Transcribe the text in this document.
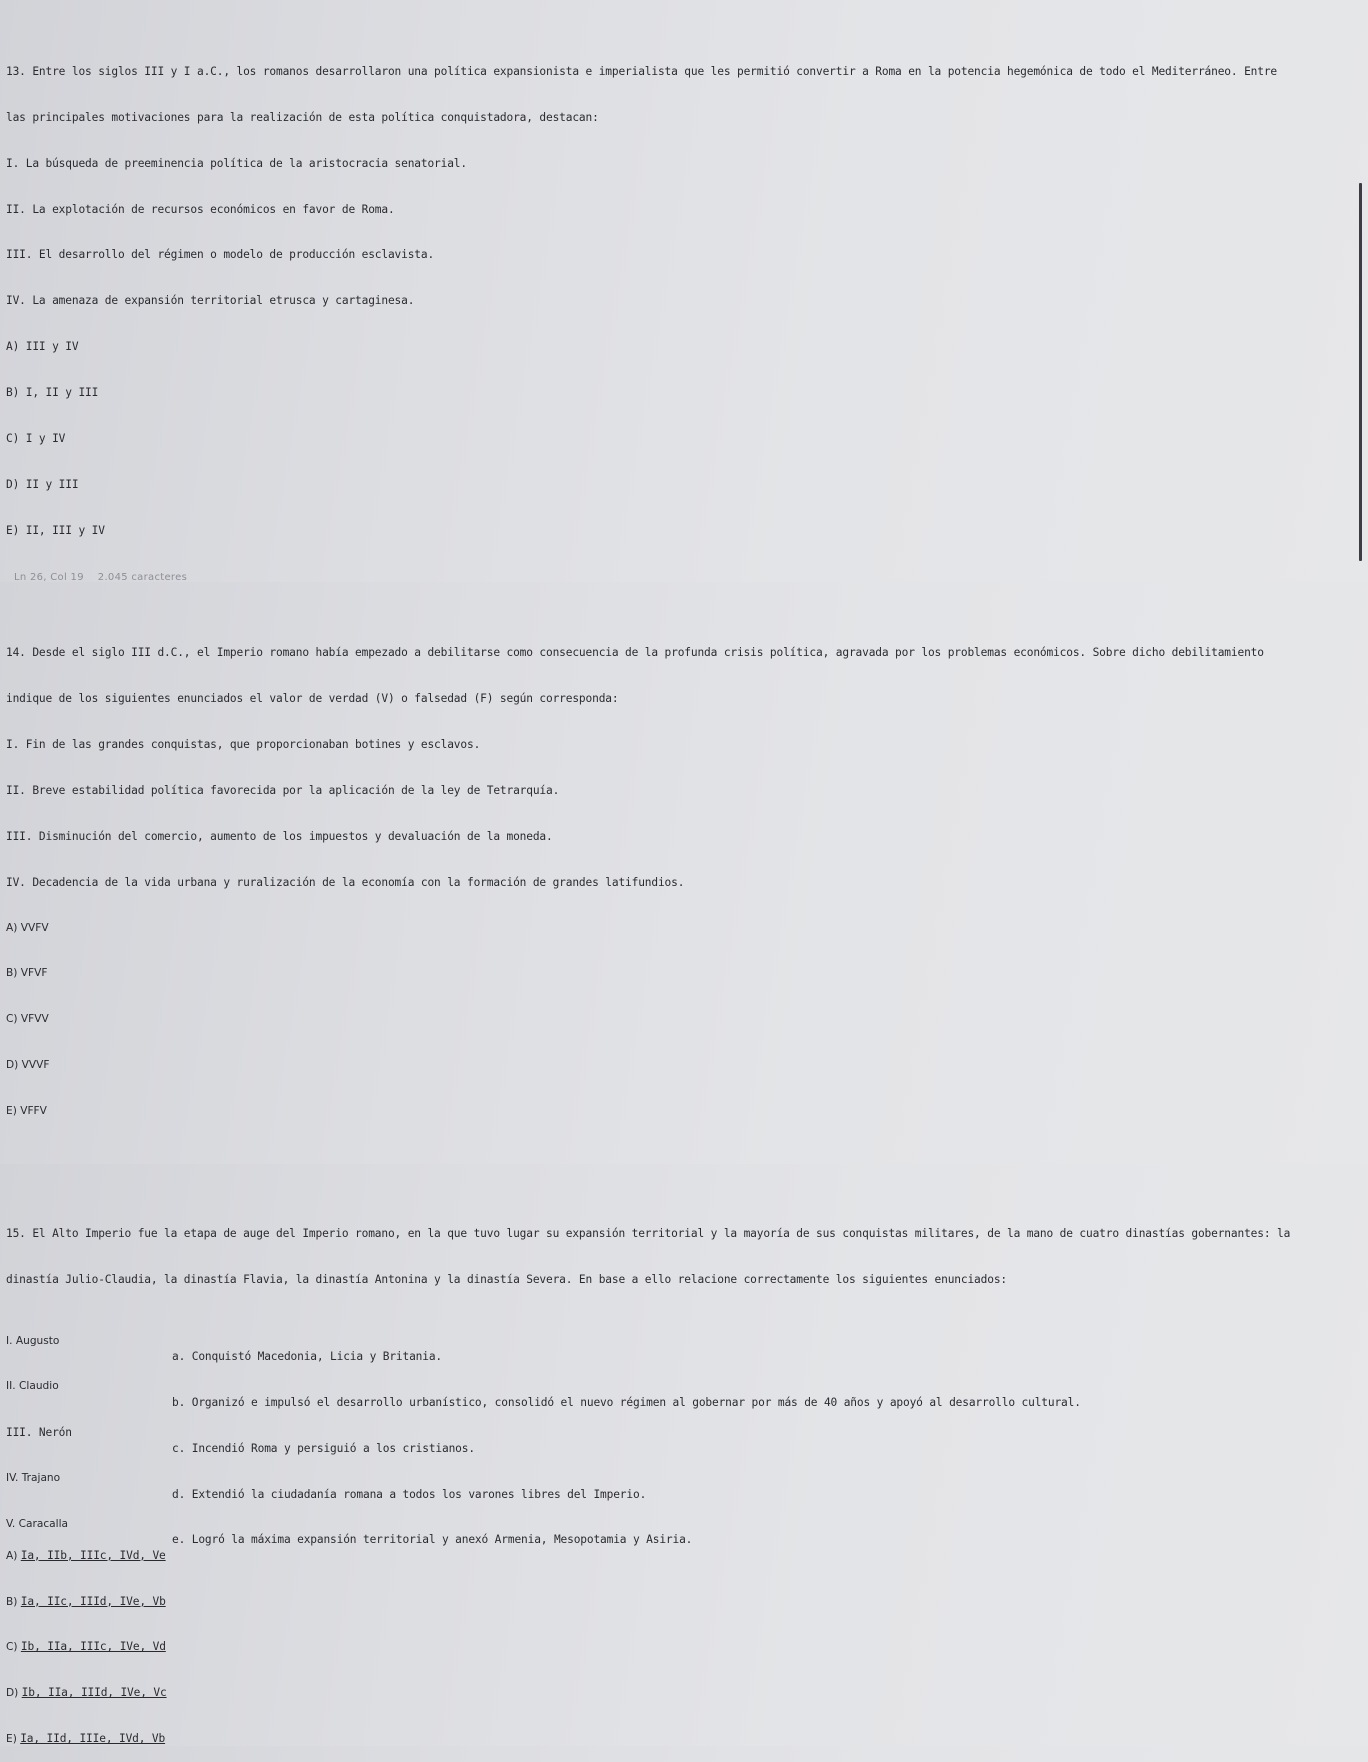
13. Entre los siglos III y I a.C., los romanos desarrollaron una política expansionista e imperialista que les permitió convertir a Roma en la potencia hegemónica de todo el Mediterráneo. Entre

las principales motivaciones para la realización de esta política conquistadora, destacan:

I. La búsqueda de preeminencia política de la aristocracia senatorial.

II. La explotación de recursos económicos en favor de Roma.

III. El desarrollo del régimen o modelo de producción esclavista.

IV. La amenaza de expansión territorial etrusca y cartaginesa.

A) III y IV

B) I, II y III

C) I y IV

D) II y III

E) II, III y IV

14. Desde el siglo III d.C., el Imperio romano había empezado a debilitarse como consecuencia de la profunda crisis política, agravada por los problemas económicos. Sobre dicho debilitamiento

indique de los siguientes enunciados el valor de verdad (V) o falsedad (F) según corresponda:

I. Fin de las grandes conquistas, que proporcionaban botines y esclavos.

II. Breve estabilidad política favorecida por la aplicación de la ley de Tetrarquía.

III. Disminución del comercio, aumento de los impuestos y devaluación de la moneda.

IV. Decadencia de la vida urbana y ruralización de la economía con la formación de grandes latifundios.

A) VVFV

B) VFVF

C) VFVV

D) VVVF

E) VFFV

15. El Alto Imperio fue la etapa de auge del Imperio romano, en la que tuvo lugar su expansión territorial y la mayoría de sus conquistas militares, de la mano de cuatro dinastías gobernantes: la

dinastía Julio-Claudia, la dinastía Flavia, la dinastía Antonina y la dinastía Severa. En base a ello relacione correctamente los siguientes enunciados:

I. Augusto

a. Conquistó Macedonia, Licia y Britania.

II. Claudio

b. Organizó e impulsó el desarrollo urbanístico, consolidó el nuevo régimen al gobernar por más de 40 años y apoyó al desarrollo cultural.

III. Nerón

c. Incendió Roma y persiguió a los cristianos.

IV. Trajano

d. Extendió la ciudadanía romana a todos los varones libres del Imperio.

V. Caracalla

e. Logró la máxima expansión territorial y anexó Armenia, Mesopotamia y Asiria.

A) Ia, IIb, IIIc, IVd, Ve

B) Ia, IIc, IIId, IVe, Vb

C) Ib, IIa, IIIc, IVe, Vd

D) Ib, IIa, IIId, IVe, Vc

E) Ia, IId, IIIe, IVd, Vb

Ln 26, Col 19 2.045 caracteres
